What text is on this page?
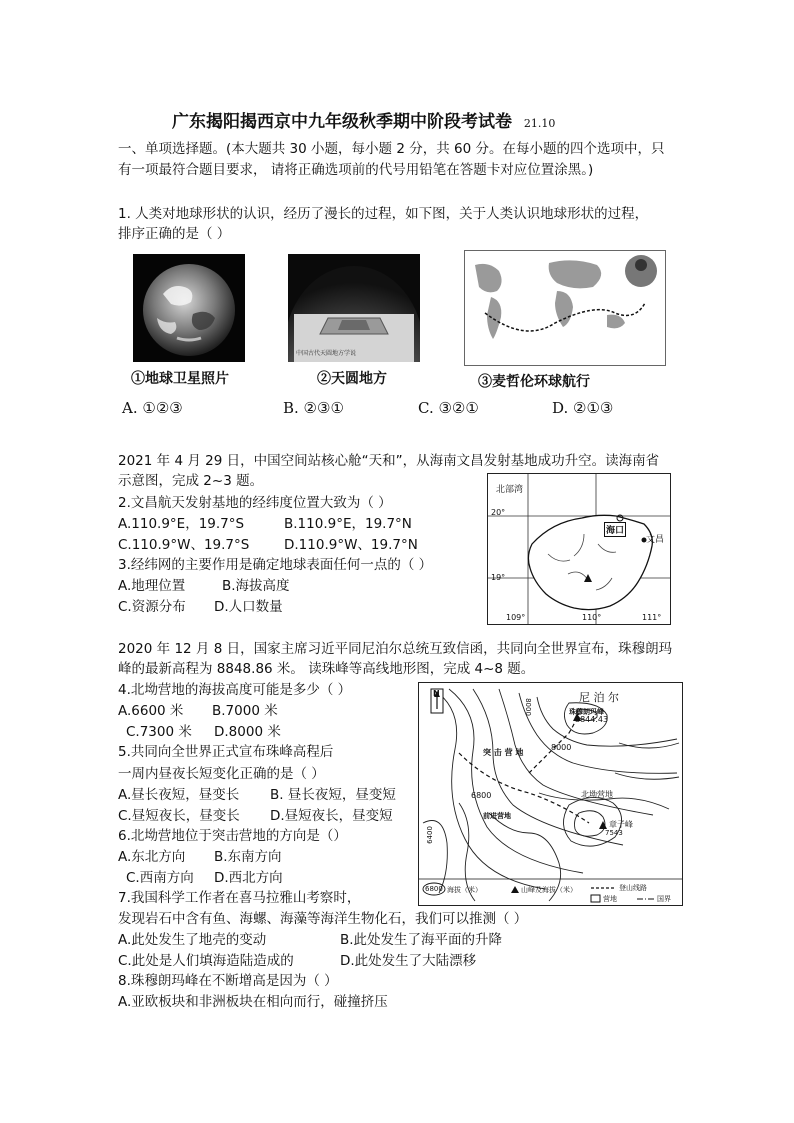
广东揭阳揭西京中九年级秋季期中阶段考试卷 21.10
一、单项选择题。(本大题共 30 小题，每小题 2 分，共 60 分。在每小题的四个选项中，只
有一项最符合题目要求， 请将正确选项前的代号用铅笔在答题卡对应位置涂黑。)
1. 人类对地球形状的认识，经历了漫长的过程，如下图，关于人类认识地球形状的过程，
排序正确的是（ ）
①地球卫星照片
中国古代天圆地方学说
②天圆地方	③麦哲伦环球航行
A. ①②③	B. ②③①	C. ③②①	D. ②①③
2021 年 4 月 29 日，中国空间站核心舱“天和”，从海南文昌发射基地成功升空。读海南省
示意图，完成 2~3 题。
2.文昌航天发射基地的经纬度位置大致为（ ）
A.110.9°E，19.7°S	B.110.9°E，19.7°N
C.110.9°W、19.7°S	D.110.9°W、19.7°N
3.经纬网的主要作用是确定地球表面任何一点的（ ）
A.地理位置	B.海拔高度
C.资源分布 D.人口数量
北部湾
20°
19°
109°	110°	111°
海口
文昌
2020 年 12 月 8 日，国家主席习近平同尼泊尔总统互致信函，共同向全世界宣布，珠穆朗玛
峰的最新高程为 8848.86 米。 读珠峰等高线地形图，完成 4~8 题。
4.北坳营地的海拔高度可能是多少（ ）
A.6600 米 B.7000 米
C.7300 米 D.8000 米
5.共同向全世界正式宣布珠峰高程后
一周内昼夜长短变化正确的是（ ）
A.昼长夜短，昼变长 B. 昼长夜短，昼变短
C.昼短夜长，昼变长 D.昼短夜长，昼变短
6.北坳营地位于突击营地的方向是（）
A.东北方向 B.东南方向
C.西南方向 D.西北方向
7.我国科学工作者在喜马拉雅山考察时，
发现岩石中含有鱼、海螺、海藻等海洋生物化石，我们可以推测（ ）
A.此处发生了地壳的变动	B.此处发生了海平面的升降
C.此处是人们填海造陆造成的	D.此处发生了大陆漂移
8.珠穆朗玛峰在不断增高是因为（ ）
A.亚欧板块和非洲板块在相向而行，碰撞挤压
N	尼 泊 尔
珠穆朗玛峰
8844.43
8000
8000
突 击 营 地
北坳营地
6800
前进营地
6400
章子峰
7543
6800 海拔（米）	山峰及海拔（米）	登山线路
营地	国界
